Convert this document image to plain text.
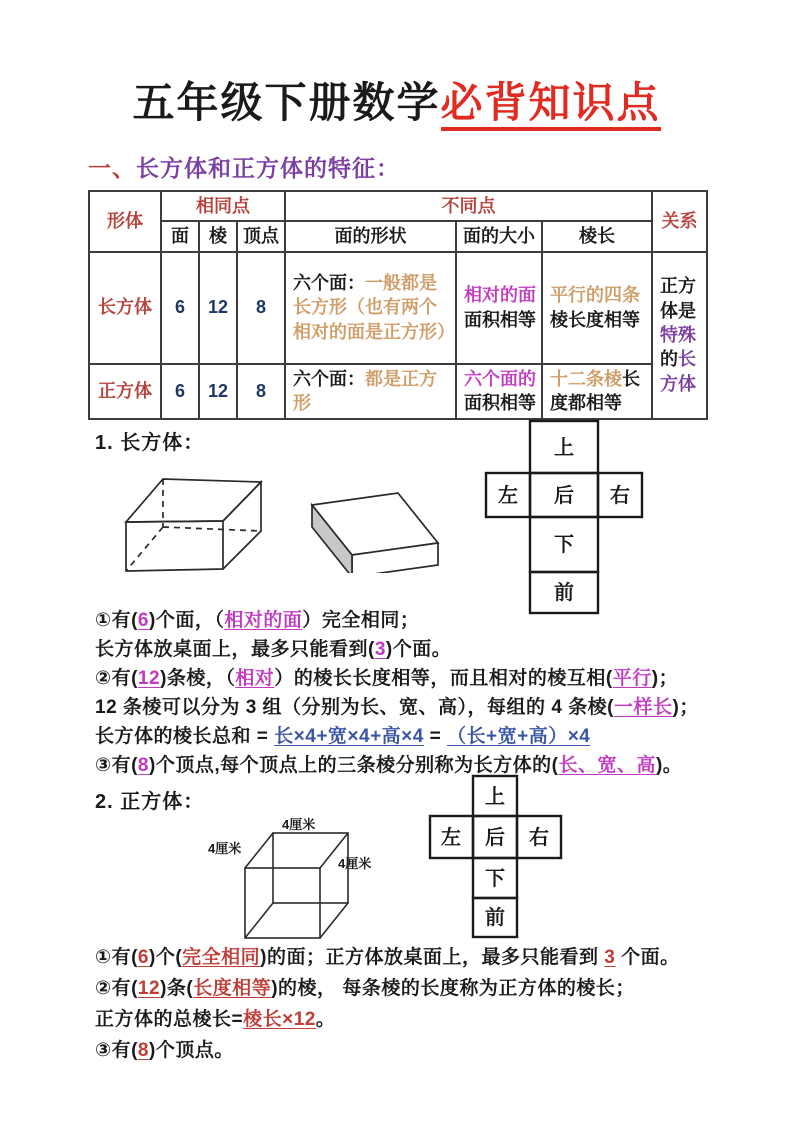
五年级下册数学必背知识点
一、长方体和正方体的特征：
形体	相同点			不同点			关系
	面	棱	顶点	面的形状	面的大小	棱长	
长方体	6	12	8	六个面：一般都是长方形（也有两个相对的面是正方形）	相对的面面积相等	平行的四条棱长度相等	正方体是特殊的长方体
正方体	6	12	8	六个面：都是正方形	六个面的面积相等	十二条棱长度都相等	
1. 长方体：	上
左 后 右
下
前
①有(6)个面，（相对的面）完全相同；
长方体放桌面上，最多只能看到(3)个面。
②有(12)条棱，（相对）的棱长长度相等，而且相对的棱互相(平行)；
12 条棱可以分为 3 组（分别为长、宽、高），每组的 4 条棱(一样长)；
长方体的棱长总和 = 长×4+宽×4+高×4 = （长+宽+高）×4
③有(8)个顶点,每个顶点上的三条棱分别称为长方体的(长、宽、高)。
2. 正方体：
4厘米
4厘米
4厘米
上
左 后 右
下
前
①有(6)个(完全相同)的面；正方体放桌面上，最多只能看到 3 个面。
②有(12)条(长度相等)的棱， 每条棱的长度称为正方体的棱长；
正方体的总棱长=棱长×12。
③有(8)个顶点。
